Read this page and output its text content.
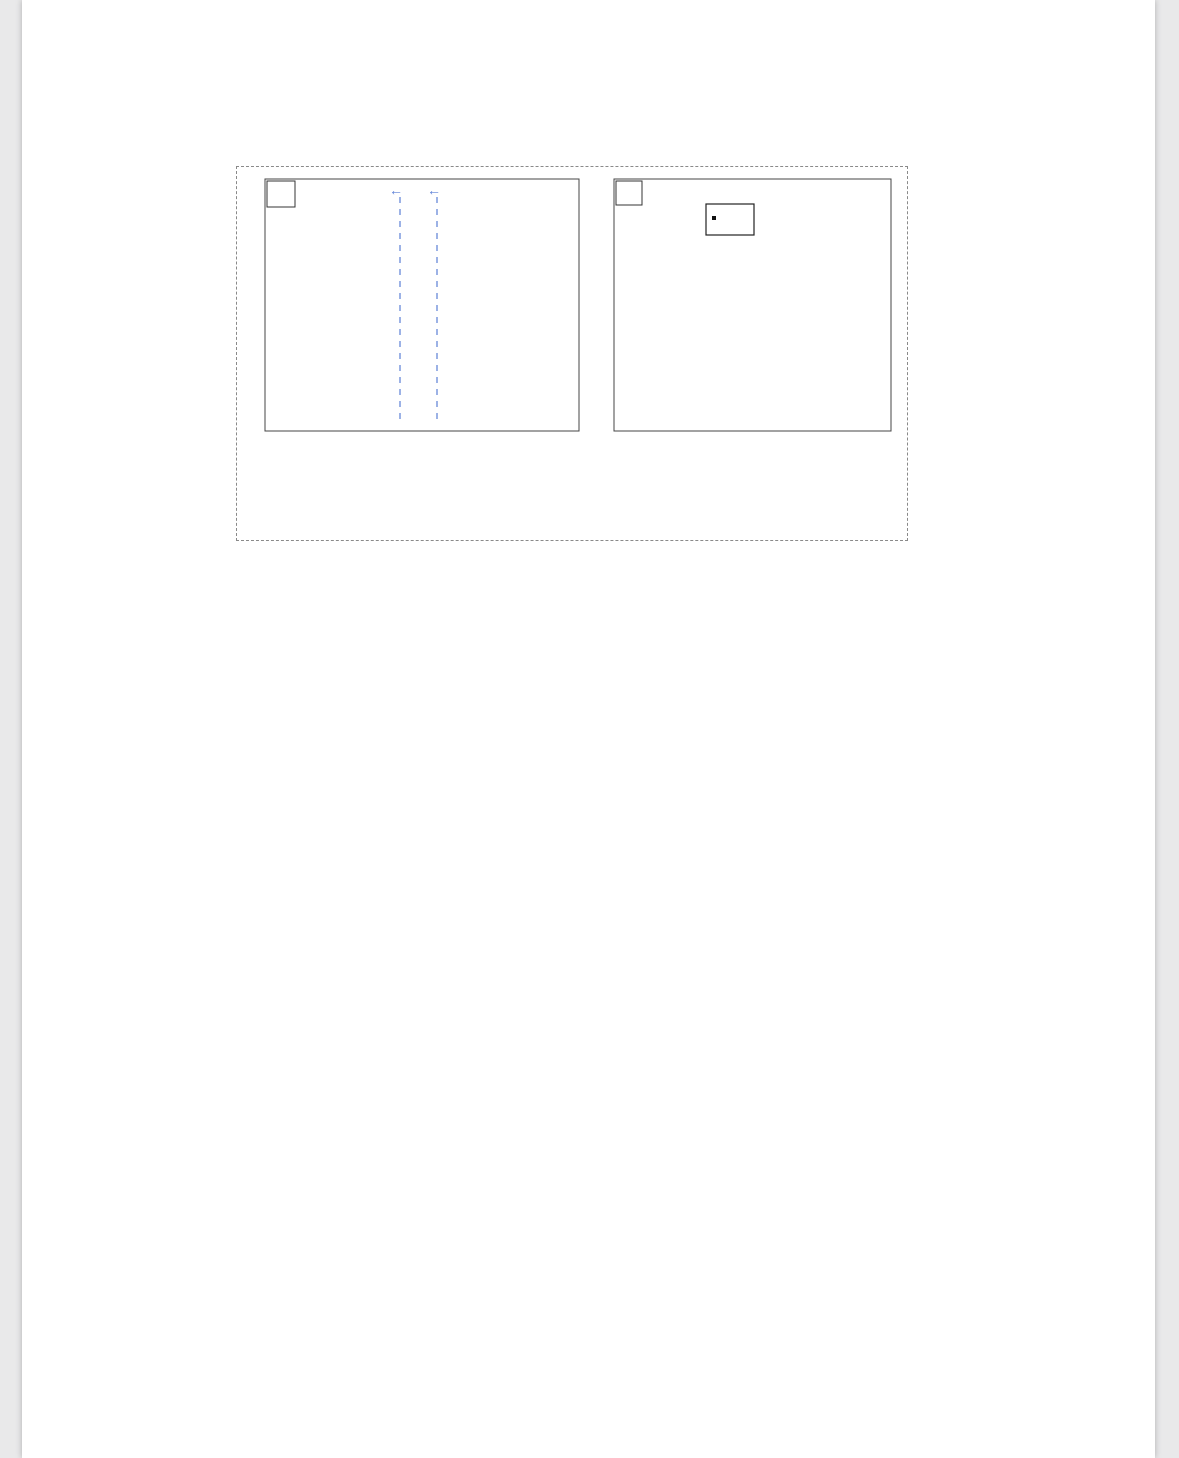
← ←
